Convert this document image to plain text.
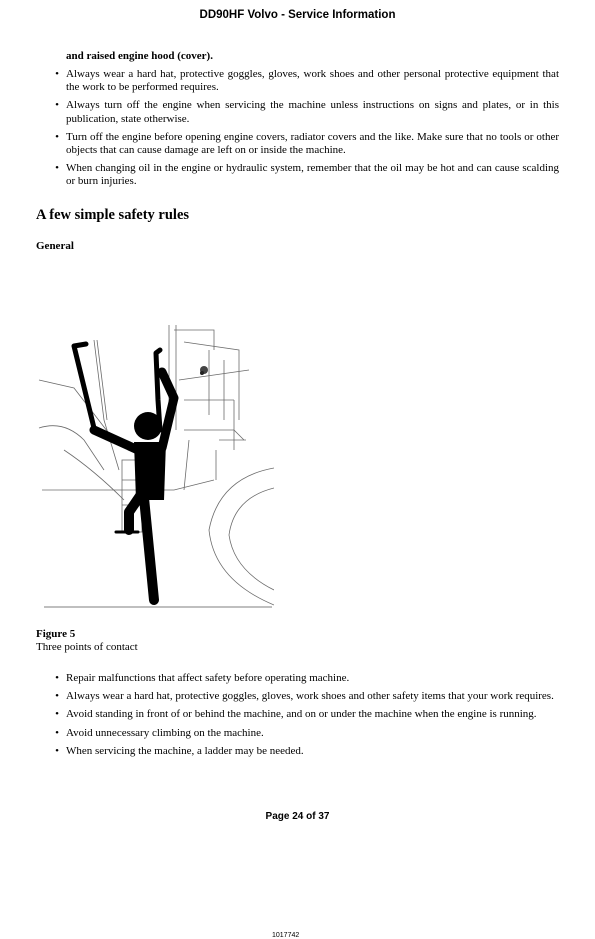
DD90HF Volvo - Service Information
and raised engine hood (cover).
• Always wear a hard hat, protective goggles, gloves, work shoes and other personal protective equipment that the work to be performed requires.
• Always turn off the engine when servicing the machine unless instructions on signs and plates, or in this publication, state otherwise.
• Turn off the engine before opening engine covers, radiator covers and the like. Make sure that no tools or other objects that can cause damage are left on or inside the machine.
• When changing oil in the engine or hydraulic system, remember that the oil may be hot and can cause scalding or burn injuries.
A few simple safety rules
General
1017742
Figure 5
Three points of contact
• Repair malfunctions that affect safety before operating machine.
• Always wear a hard hat, protective goggles, gloves, work shoes and other safety items that your work requires.
• Avoid standing in front of or behind the machine, and on or under the machine when the engine is running.
• Avoid unnecessary climbing on the machine.
• When servicing the machine, a ladder may be needed.
Page 24 of 37
